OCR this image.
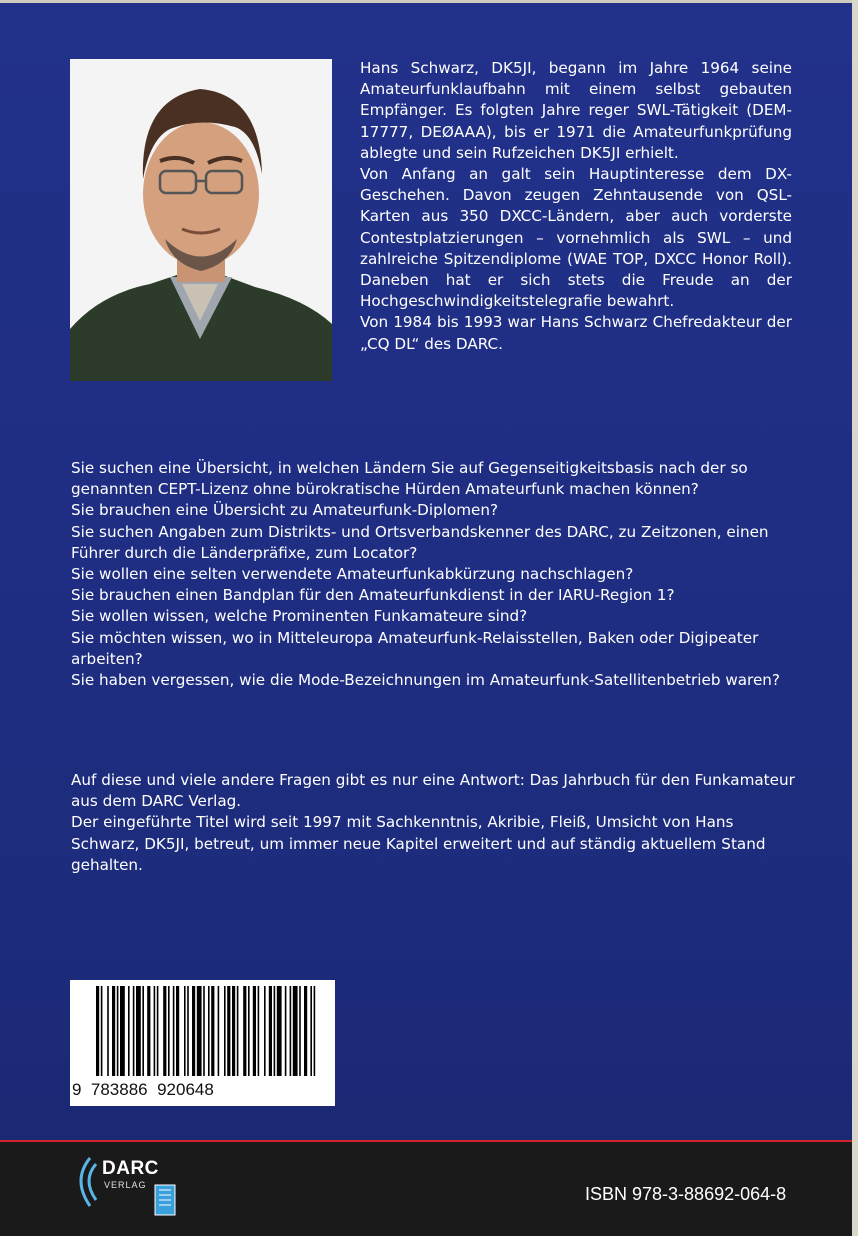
Hans Schwarz, DK5JI, begann im Jahre 1964 seine Amateurfunklaufbahn mit einem selbst gebauten Empfänger. Es folgten Jahre reger SWL-Tätigkeit (DEM-17777, DEØAAA), bis er 1971 die Amateurfunkprüfung ablegte und sein Rufzeichen DK5JI erhielt.

Von Anfang an galt sein Hauptinteresse dem DX-Geschehen. Davon zeugen Zehntausende von QSL-Karten aus 350 DXCC-Ländern, aber auch vorderste Contestplatzierungen – vornehmlich als SWL – und zahlreiche Spitzendiplome (WAE TOP, DXCC Honor Roll). Daneben hat er sich stets die Freude an der Hochgeschwindigkeitstelegrafie bewahrt.

Von 1984 bis 1993 war Hans Schwarz Chefredakteur der „CQ DL“ des DARC.

Sie suchen eine Übersicht, in welchen Ländern Sie auf Gegenseitigkeitsbasis nach der so genannten CEPT-Lizenz ohne bürokratische Hürden Amateurfunk machen können?

Sie brauchen eine Übersicht zu Amateurfunk-Diplomen?

Sie suchen Angaben zum Distrikts- und Ortsverbandskenner des DARC, zu Zeitzonen, einen Führer durch die Länderpräfixe, zum Locator?

Sie wollen eine selten verwendete Amateurfunkabkürzung nachschlagen?

Sie brauchen einen Bandplan für den Amateurfunkdienst in der IARU-Region 1?

Sie wollen wissen, welche Prominenten Funkamateure sind?

Sie möchten wissen, wo in Mitteleuropa Amateurfunk-Relaisstellen, Baken oder Digipeater arbeiten?

Sie haben vergessen, wie die Mode-Bezeichnungen im Amateurfunk-Satellitenbetrieb waren?

Auf diese und viele andere Fragen gibt es nur eine Antwort: Das Jahrbuch für den Funkamateur aus dem DARC Verlag.

Der eingeführte Titel wird seit 1997 mit Sachkenntnis, Akribie, Fleiß, Umsicht von Hans Schwarz, DK5JI, betreut, um immer neue Kapitel erweitert und auf ständig aktuellem Stand gehalten.

9  783886  920648
DARC
VERLAG	ISBN 978-3-88692-064-8
